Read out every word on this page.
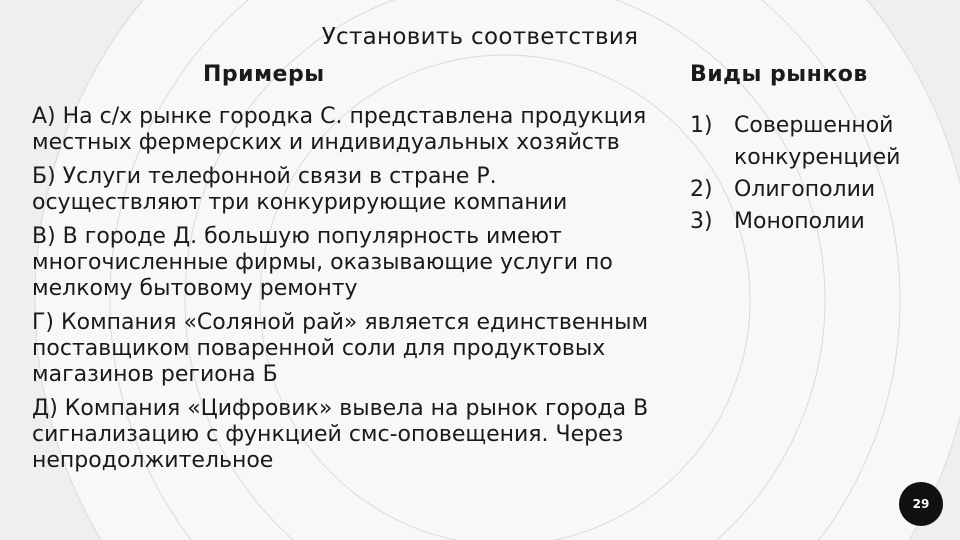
Установить соответствия
Примеры	Виды рынков

А) На с/х рынке городка С. представлена продукция местных фермерских и индивидуальных хозяйств

Б) Услуги телефонной связи в стране Р. осуществляют три конкурирующие компании

В) В городе Д. большую популярность имеют многочисленные фирмы, оказывающие услуги по мелкому бытовому ремонту

Г) Компания «Соляной рай» является единственным поставщиком поваренной соли для продуктовых магазинов региона Б

Д) Компания «Цифровик» вывела на рынок города В сигнализацию с функцией смс-оповещения. Через непродолжительное

1) Совершенной конкуренцией
2) Олигополии
3) Монополии
29
